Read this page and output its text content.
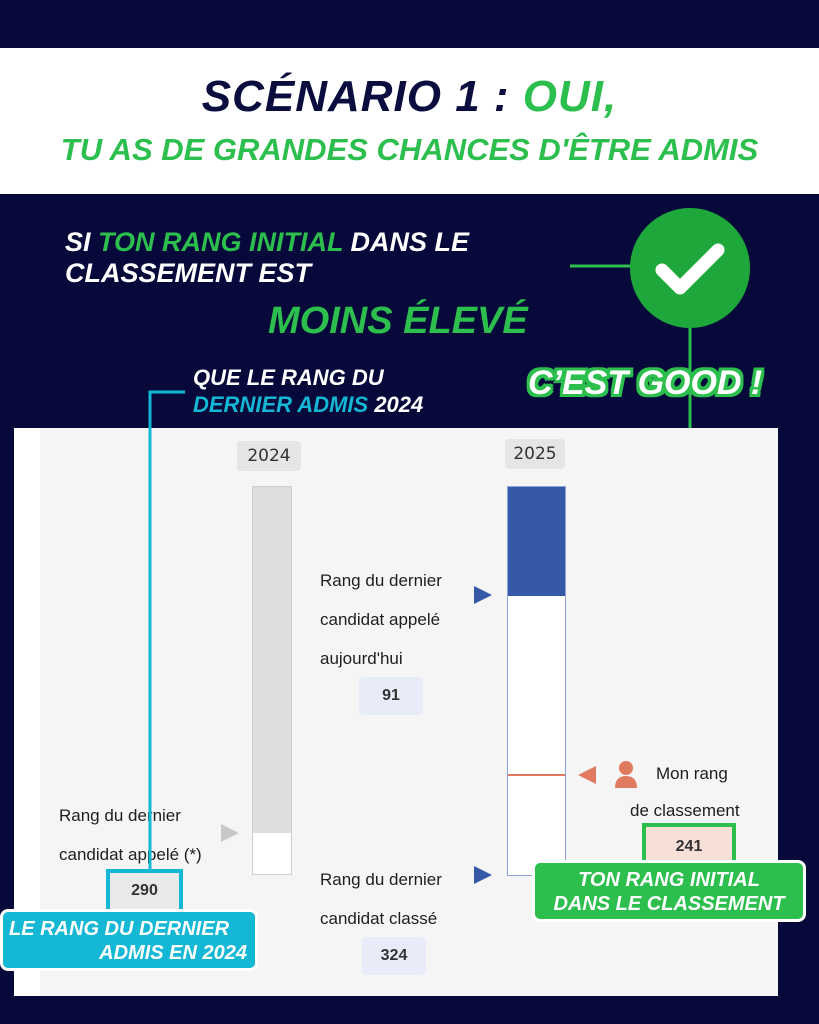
SCÉNARIO 1 : OUI,
TU AS DE GRANDES CHANCES D'ÊTRE ADMIS
SI TON RANG INITIAL DANS LE CLASSEMENT EST
MOINS ÉLEVÉ
QUE LE RANG DU
DERNIER ADMIS 2024
C’EST GOOD !
2024	2025
Rang du dernier
candidat appelé
aujourd'hui
91
Rang du dernier
candidat appelé (*)
Rang du dernier
candidat classé
324
Mon rang
de classement
290
241
LE RANG DU DERNIER
ADMIS EN 2024
TON RANG INITIAL
DANS LE CLASSEMENT
